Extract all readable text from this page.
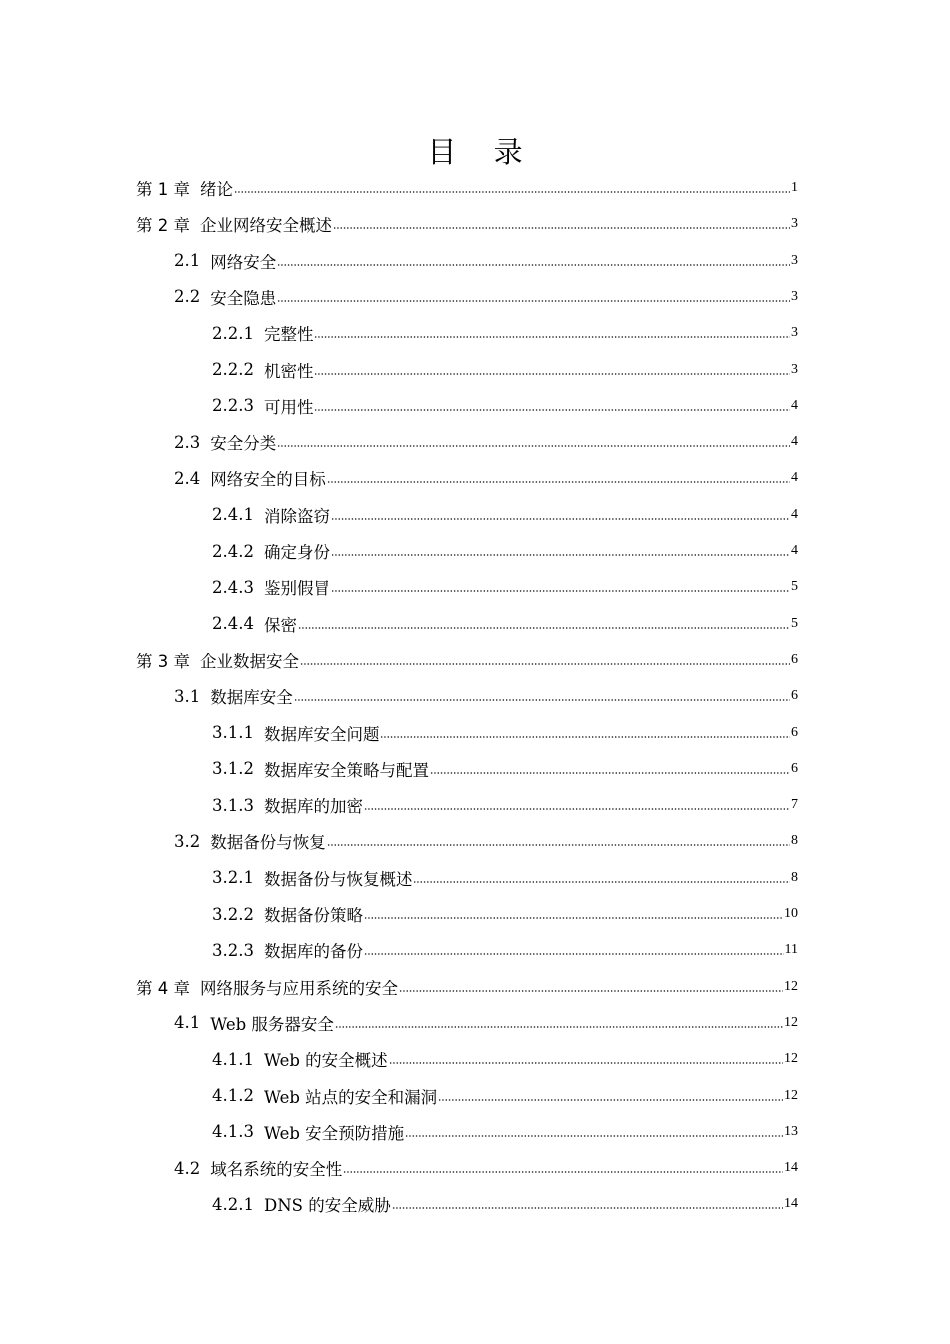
目 录
第 1 章 绪论	1
第 2 章 企业网络安全概述	3
2.1 网络安全	3
2.2 安全隐患	3
2.2.1 完整性	3
2.2.2 机密性	3
2.2.3 可用性	4
2.3 安全分类	4
2.4 网络安全的目标	4
2.4.1 消除盗窃	4
2.4.2 确定身份	4
2.4.3 鉴别假冒	5
2.4.4 保密	5
第 3 章 企业数据安全	6
3.1 数据库安全	6
3.1.1 数据库安全问题	6
3.1.2 数据库安全策略与配置	6
3.1.3 数据库的加密	7
3.2 数据备份与恢复	8
3.2.1 数据备份与恢复概述	8
3.2.2 数据备份策略	10
3.2.3 数据库的备份	11
第 4 章 网络服务与应用系统的安全	12
4.1 Web 服务器安全	12
4.1.1 Web 的安全概述	12
4.1.2 Web 站点的安全和漏洞	12
4.1.3 Web 安全预防措施	13
4.2 域名系统的安全性	14
4.2.1 DNS 的安全威胁	14
